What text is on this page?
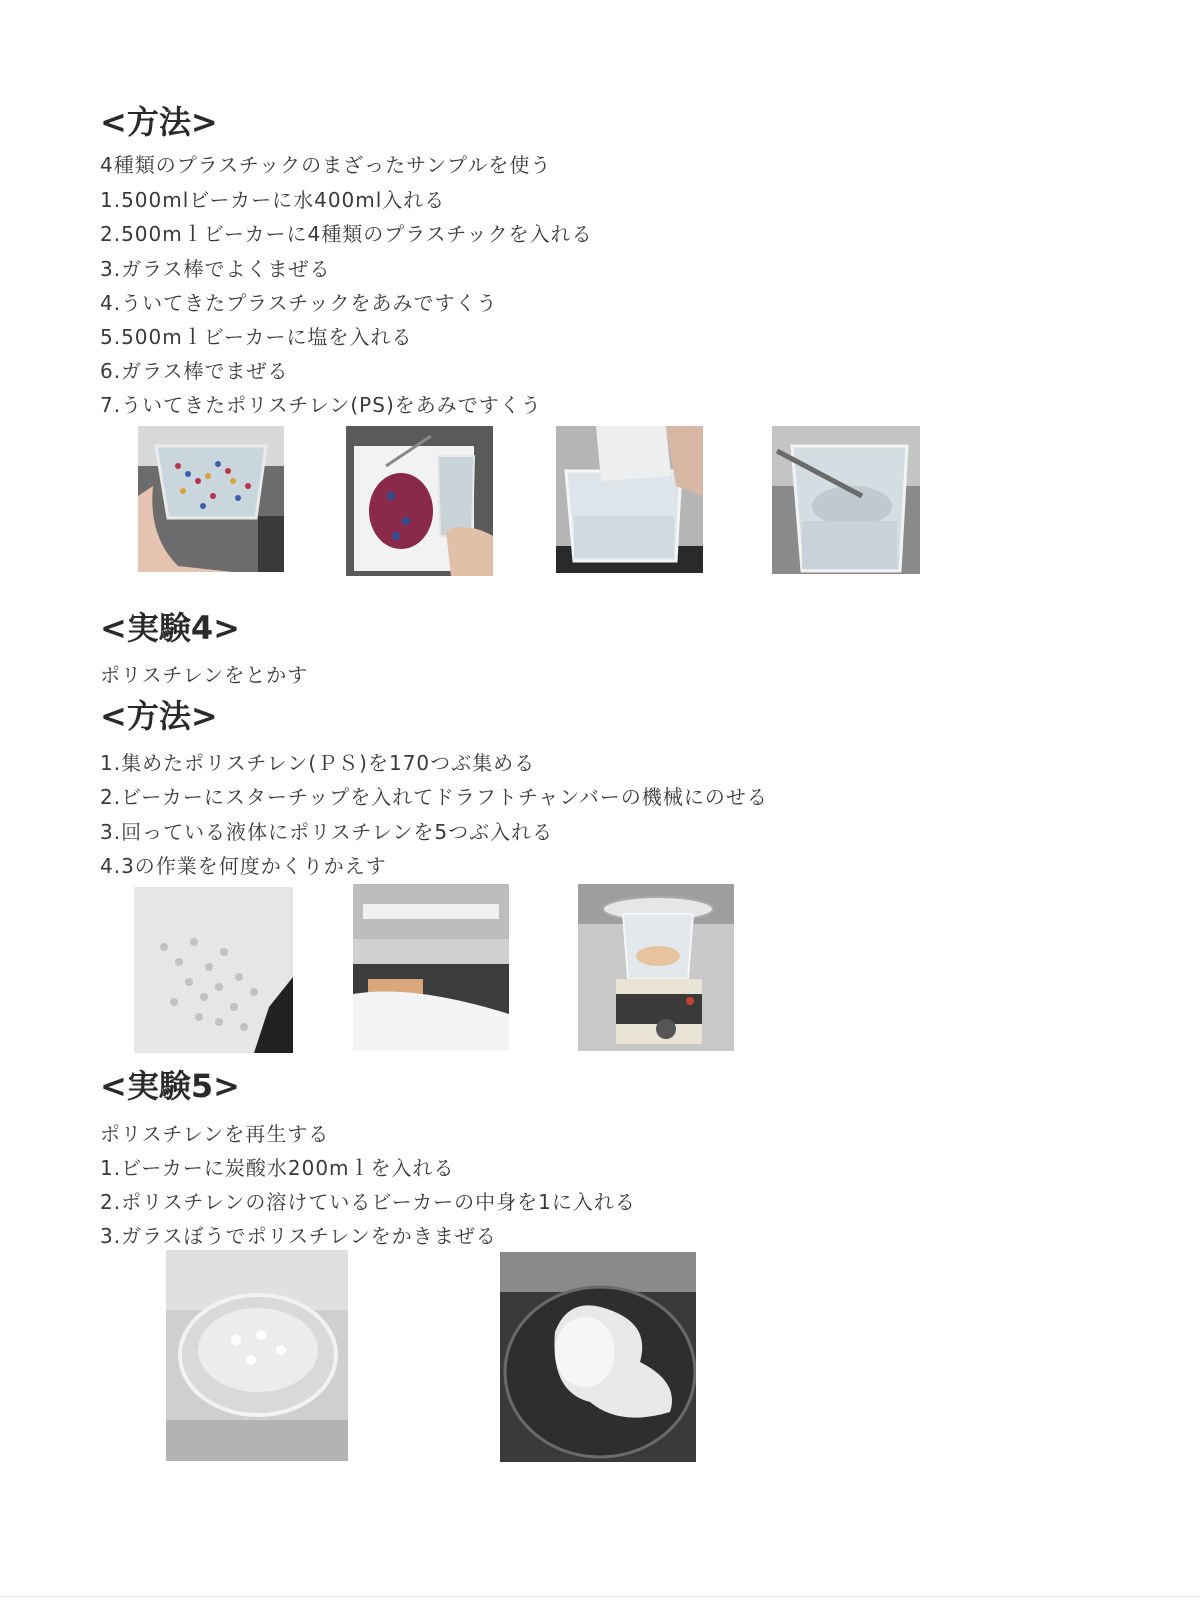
<方法>
4種類のプラスチックのまざったサンプルを使う
1.500mlビーカーに水400ml入れる
2.500mｌビーカーに4種類のプラスチックを入れる
3.ガラス棒でよくまぜる
4.ういてきたプラスチックをあみですくう
5.500mｌビーカーに塩を入れる
6.ガラス棒でまぜる
7.ういてきたポリスチレン(PS)をあみですくう
<実験4>
ポリスチレンをとかす
<方法>
1.集めたポリスチレン(ＰＳ)を170つぶ集める
2.ビーカーにスターチップを入れてドラフトチャンバーの機械にのせる
3.回っている液体にポリスチレンを5つぶ入れる
4.3の作業を何度かくりかえす
<実験5>
ポリスチレンを再生する
1.ビーカーに炭酸水200mｌを入れる
2.ポリスチレンの溶けているビーカーの中身を1に入れる
3.ガラスぼうでポリスチレンをかきまぜる
